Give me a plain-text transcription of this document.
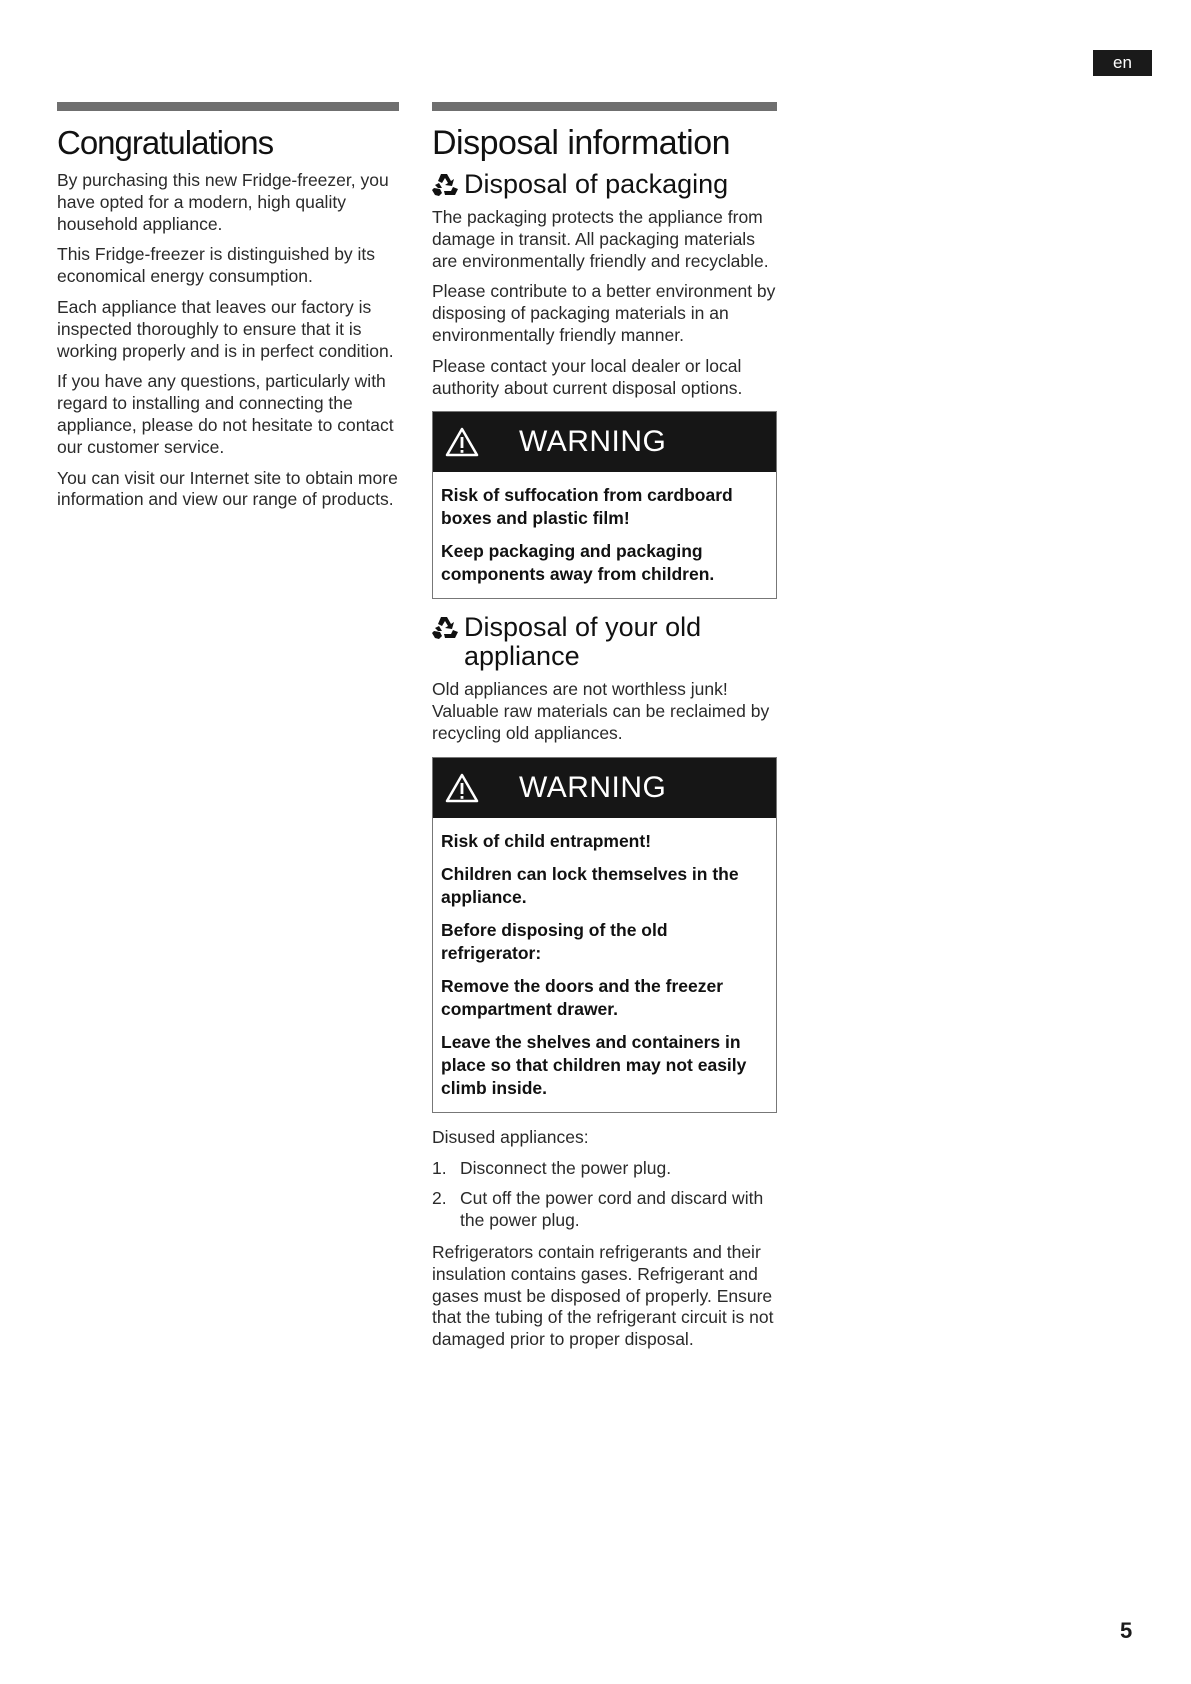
en
Congratulations

By purchasing this new Fridge-freezer, you have opted for a modern, high quality household appliance.

This Fridge-freezer is distinguished by its economical energy consumption.

Each appliance that leaves our factory is inspected thoroughly to ensure that it is working properly and is in perfect condition.

If you have any questions, particularly with regard to installing and connecting the appliance, please do not hesitate to contact our customer service.

You can visit our Internet site to obtain more information and view our range of products.

Disposal information
Disposal of packaging

The packaging protects the appliance from damage in transit. All packaging materials are environmentally friendly and recyclable.

Please contribute to a better environment by disposing of packaging materials in an environmentally friendly manner.

Please contact your local dealer or local authority about current disposal options.

WARNING

Risk of suffocation from cardboard boxes and plastic film!

Keep packaging and packaging components away from children.

Disposal of your old appliance

Old appliances are not worthless junk! Valuable raw materials can be reclaimed by recycling old appliances.

WARNING

Risk of child entrapment!

Children can lock themselves in the appliance.

Before disposing of the old refrigerator:

Remove the doors and the freezer compartment drawer.

Leave the shelves and containers in place so that children may not easily climb inside.

Disused appliances:

1. Disconnect the power plug.
2. Cut off the power cord and discard with the power plug.

Refrigerators contain refrigerants and their insulation contains gases. Refrigerant and gases must be disposed of properly. Ensure that the tubing of the refrigerant circuit is not damaged prior to proper disposal.

5
